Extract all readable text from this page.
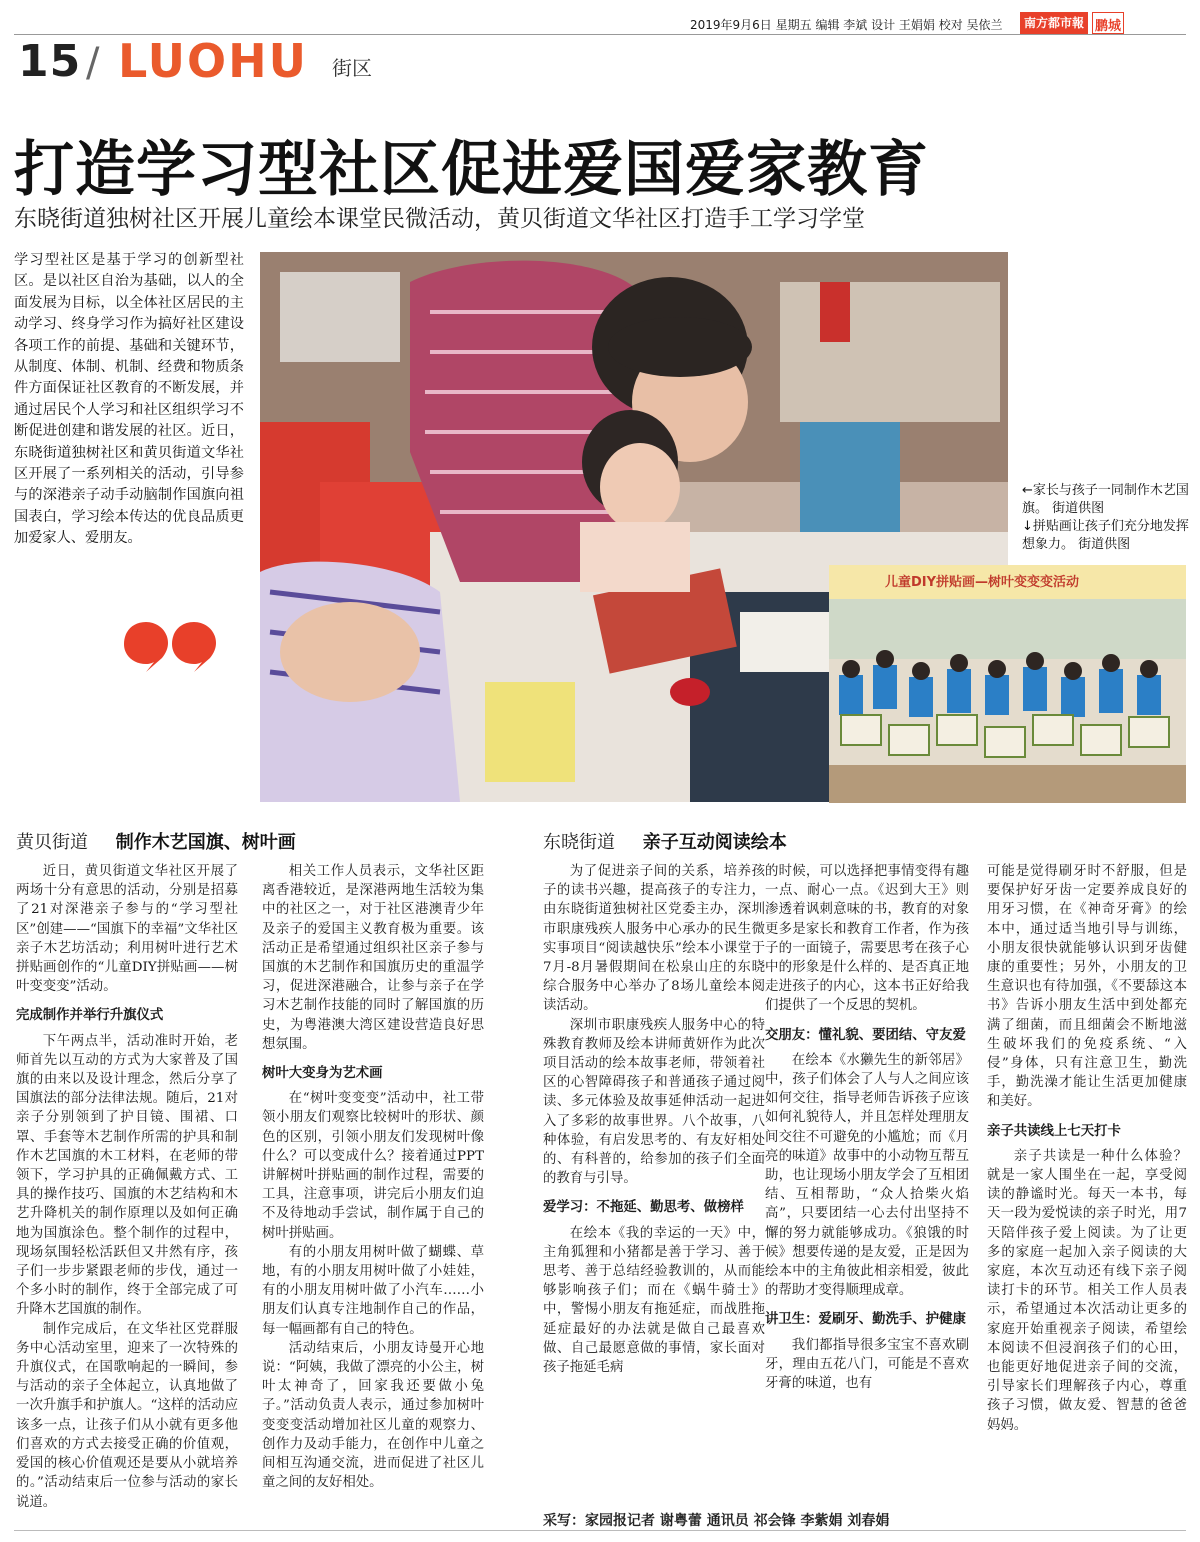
2019年9月6日 星期五 编辑 李斌 设计 王娟娟 校对 吴依兰	南方都市報 鹏城
15 / LUOHU 街区
打造学习型社区促进爱国爱家教育
东晓街道独树社区开展儿童绘本课堂民微活动，黄贝街道文华社区打造手工学习学堂
学习型社区是基于学习的创新型社区。是以社区自治为基础，以人的全面发展为目标，以全体社区居民的主动学习、终身学习作为搞好社区建设各项工作的前提、基础和关键环节，从制度、体制、机制、经费和物质条件方面保证社区教育的不断发展，并通过居民个人学习和社区组织学习不断促进创建和谐发展的社区。近日，东晓街道独树社区和黄贝街道文华社区开展了一系列相关的活动，引导参与的深港亲子动手动脑制作国旗向祖国表白，学习绘本传达的优良品质更加爱家人、爱朋友。
儿童DIY拼贴画—树叶变变变活动
←家长与孩子一同制作木艺国旗。 街道供图
↓拼贴画让孩子们充分地发挥想象力。 街道供图
黄贝街道 制作木艺国旗、树叶画	东晓街道 亲子互动阅读绘本

近日，黄贝街道文华社区开展了两场十分有意思的活动，分别是招募了21对深港亲子参与的“学习型社区”创建——“国旗下的幸福”文华社区亲子木艺坊活动；利用树叶进行艺术拼贴画创作的“儿童DIY拼贴画——树叶变变变”活动。

完成制作并举行升旗仪式

下午两点半，活动准时开始，老师首先以互动的方式为大家普及了国旗的由来以及设计理念，然后分享了国旗法的部分法律法规。随后，21对亲子分别领到了护目镜、围裙、口罩、手套等木艺制作所需的护具和制作木艺国旗的木工材料，在老师的带领下，学习护具的正确佩戴方式、工具的操作技巧、国旗的木艺结构和木艺升降机关的制作原理以及如何正确地为国旗涂色。整个制作的过程中，现场氛围轻松活跃但又井然有序，孩子们一步步紧跟老师的步伐，通过一个多小时的制作，终于全部完成了可升降木艺国旗的制作。

制作完成后，在文华社区党群服务中心活动室里，迎来了一次特殊的升旗仪式，在国歌响起的一瞬间，参与活动的亲子全体起立，认真地做了一次升旗手和护旗人。“这样的活动应该多一点，让孩子们从小就有更多他们喜欢的方式去接受正确的价值观，爱国的核心价值观还是要从小就培养的。”活动结束后一位参与活动的家长说道。

相关工作人员表示，文华社区距离香港较近，是深港两地生活较为集中的社区之一，对于社区港澳青少年及亲子的爱国主义教育极为重要。该活动正是希望通过组织社区亲子参与国旗的木艺制作和国旗历史的重温学习，促进深港融合，让参与亲子在学习木艺制作技能的同时了解国旗的历史，为粤港澳大湾区建设营造良好思想氛围。

树叶大变身为艺术画

在“树叶变变变”活动中，社工带领小朋友们观察比较树叶的形状、颜色的区别，引领小朋友们发现树叶像什么？可以变成什么？接着通过PPT讲解树叶拼贴画的制作过程，需要的工具，注意事项，讲完后小朋友们迫不及待地动手尝试，制作属于自己的树叶拼贴画。

有的小朋友用树叶做了蝴蝶、草地，有的小朋友用树叶做了小娃娃，有的小朋友用树叶做了小汽车……小朋友们认真专注地制作自己的作品，每一幅画都有自己的特色。

活动结束后，小朋友诗曼开心地说：“阿姨，我做了漂亮的小公主，树叶太神奇了，回家我还要做小兔子。”活动负责人表示，通过参加树叶变变变活动增加社区儿童的观察力、创作力及动手能力，在创作中儿童之间相互沟通交流，进而促进了社区儿童之间的友好相处。

为了促进亲子间的关系，培养孩子的读书兴趣，提高孩子的专注力，由东晓街道独树社区党委主办，深圳市职康残疾人服务中心承办的民生微实事项目“阅读越快乐”绘本小课堂于7月-8月暑假期间在松泉山庄的东晓综合服务中心举办了8场儿童绘本阅读活动。

深圳市职康残疾人服务中心的特殊教育教师及绘本讲师黄妍作为此次项目活动的绘本故事老师，带领着社区的心智障碍孩子和普通孩子通过阅读、多元体验及故事延伸活动一起进入了多彩的故事世界。八个故事，八种体验，有启发思考的、有友好相处的、有科普的，给参加的孩子们全面的教育与引导。

爱学习：不拖延、勤思考、做榜样

在绘本《我的幸运的一天》中，主角狐狸和小猪都是善于学习、善于思考、善于总结经验教训的，从而能够影响孩子们；而在《蜗牛骑士》中，警惕小朋友有拖延症，而战胜拖延症最好的办法就是做自己最喜欢做、自己最愿意做的事情，家长面对孩子拖延毛病

的时候，可以选择把事情变得有趣一点、耐心一点。《迟到大王》则渗透着讽刺意味的书，教育的对象更多是家长和教育工作者，作为孩子的一面镜子，需要思考在孩子心中的形象是什么样的、是否真正地走进孩子的内心，这本书正好给我们提供了一个反思的契机。

交朋友：懂礼貌、要团结、守友爱

在绘本《水獭先生的新邻居》中，孩子们体会了人与人之间应该如何交往，指导老师告诉孩子应该如何礼貌待人，并且怎样处理朋友间交往不可避免的小尴尬；而《月亮的味道》故事中的小动物互帮互助，也让现场小朋友学会了互相团结、互相帮助，“众人拾柴火焰高”，只要团结一心去付出坚持不懈的努力就能够成功。《狼饿的时候》想要传递的是友爱，正是因为绘本中的主角彼此相亲相爱，彼此的帮助才变得顺理成章。

讲卫生：爱刷牙、勤洗手、护健康

我们都指导很多宝宝不喜欢刷牙，理由五花八门，可能是不喜欢牙膏的味道，也有

可能是觉得刷牙时不舒服，但是要保护好牙齿一定要养成良好的用牙习惯，在《神奇牙膏》的绘本中，通过适当地引导与训练，小朋友很快就能够认识到牙齿健康的重要性；另外，小朋友的卫生意识也有待加强，《不要舔这本书》告诉小朋友生活中到处都充满了细菌，而且细菌会不断地滋生破坏我们的免疫系统、“入侵”身体，只有注意卫生，勤洗手，勤洗澡才能让生活更加健康和美好。

亲子共读线上七天打卡

亲子共读是一种什么体验？就是一家人围坐在一起，享受阅读的静谧时光。每天一本书，每天一段为爱悦读的亲子时光，用7天陪伴孩子爱上阅读。为了让更多的家庭一起加入亲子阅读的大家庭，本次互动还有线下亲子阅读打卡的环节。相关工作人员表示，希望通过本次活动让更多的家庭开始重视亲子阅读，希望绘本阅读不但浸润孩子们的心田，也能更好地促进亲子间的交流，引导家长们理解孩子内心，尊重孩子习惯，做友爱、智慧的爸爸妈妈。

采写：家园报记者 谢粤蕾 通讯员 祁会锋 李紫娟 刘春娟
